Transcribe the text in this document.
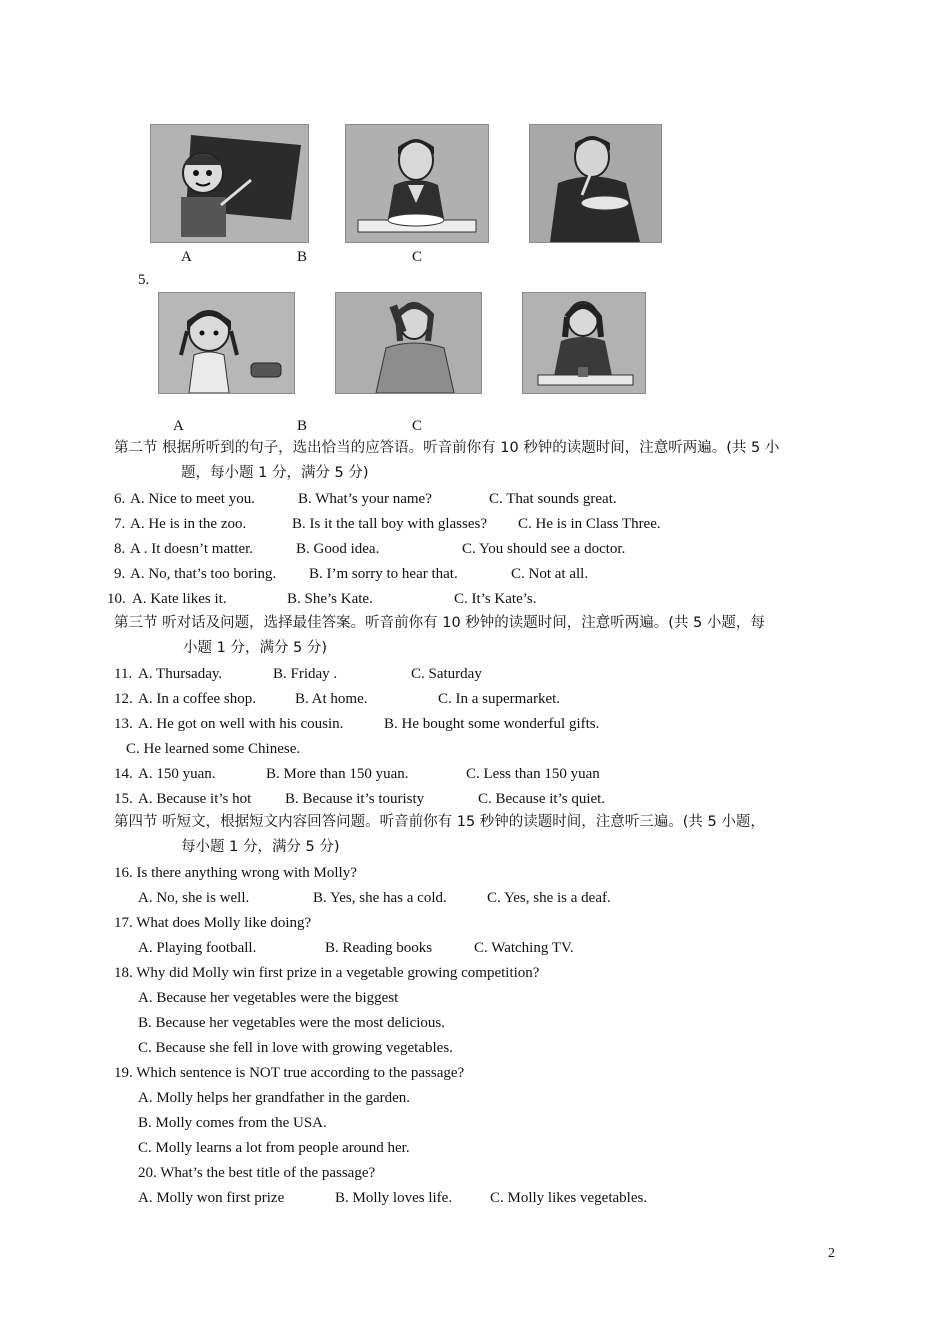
A	B	C
5.
A	B	C
第二节 根据所听到的句子，选出恰当的应答语。听音前你有 10 秒钟的读题时间，注意听两遍。(共 5 小
题，每小题 1 分，满分 5 分)
6. A. Nice to meet you.	B. What’s your name?	C. That sounds great.
7. A. He is in the zoo.	B. Is it the tall boy with glasses? C. He is in Class Three.
8. A . It doesn’t matter.	B. Good idea.	C. You should see a doctor.
9. A. No, that’s too boring. B. I’m sorry to hear that.	C. Not at all.
10. A. Kate likes it.	B. She’s Kate.	C. It’s Kate’s.
第三节 听对话及问题，选择最佳答案。听音前你有 10 秒钟的读题时间，注意听两遍。(共 5 小题，每
小题 1 分，满分 5 分)
11. A. Thursaday.	B. Friday .	C. Saturday
12. A. In a coffee shop.	B. At home.	C. In a supermarket.
13. A. He got on well with his cousin.	B. He bought some wonderful gifts.
C. He learned some Chinese.
14. A. 150 yuan.	B. More than 150 yuan.	C. Less than 150 yuan
15. A. Because it’s hot B. Because it’s touristy	C. Because it’s quiet.
第四节 听短文，根据短文内容回答问题。听音前你有 15 秒钟的读题时间，注意听三遍。(共 5 小题，
每小题 1 分，满分 5 分)
16. Is there anything wrong with Molly?
A. No, she is well.	B. Yes, she has a cold.	C. Yes, she is a deaf.
17. What does Molly like doing?
A. Playing football.	B. Reading books	C. Watching TV.
18. Why did Molly win first prize in a vegetable growing competition?
A. Because her vegetables were the biggest
B. Because her vegetables were the most delicious.
C. Because she fell in love with growing vegetables.
19. Which sentence is NOT true according to the passage?
A. Molly helps her grandfather in the garden.
B. Molly comes from the USA.
C. Molly learns a lot from people around her.
20. What’s the best title of the passage?
A. Molly won first prize	B. Molly loves life.	C. Molly likes vegetables.
2
